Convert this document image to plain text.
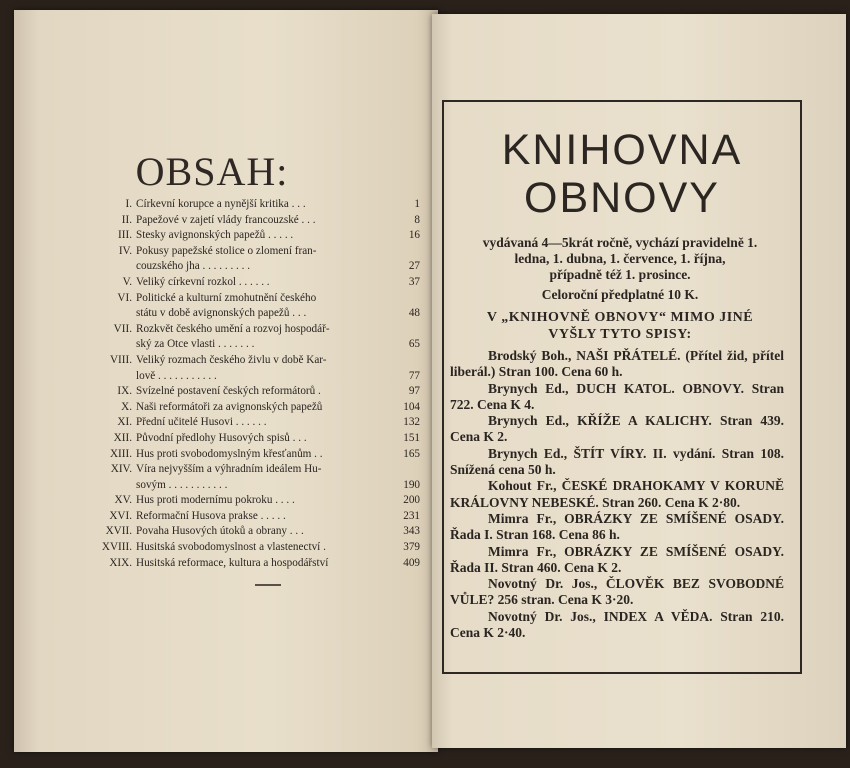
OBSAH:
I. Církevní korupce a nynější kritika . . .	1
II. Papežové v zajetí vlády francouzské . . .	8
III. Stesky avignonských papežů . . . . .	16
IV. Pokusy papežské stolice o zlomení fran-
couzského jha . . . . . . . . .	27
V. Veliký církevní rozkol . . . . . .	37
VI. Politické a kulturní zmohutnění českého
státu v době avignonských papežů . . .	48
VII. Rozkvět českého umění a rozvoj hospodář-
ský za Otce vlasti . . . . . . .	65
VIII. Veliký rozmach českého živlu v době Kar-
lově . . . . . . . . . . .	77
IX. Svízelné postavení českých reformátorů .	97
X. Naši reformátoři za avignonských papežů	104
XI. Přední učitelé Husovi . . . . . .	132
XII. Původní předlohy Husových spisů . . .	151
XIII. Hus proti svobodomyslným křesťanům . .	165
XIV. Víra nejvyšším a výhradním ideálem Hu-
sovým . . . . . . . . . . .	190
XV. Hus proti modernímu pokroku . . . .	200
XVI. Reformační Husova prakse . . . . .	231
XVII. Povaha Husových útoků a obrany . . .	343
XVIII. Husitská svobodomyslnost a vlastenectví .	379
XIX. Husitská reformace, kultura a hospodářství	409
KNIHOVNA
OBNOVY
vydávaná 4—5krát ročně, vychází pravidelně 1.
ledna, 1. dubna, 1. července, 1. října,
případně též 1. prosince.
Celoroční předplatné 10 K.
V „KNIHOVNĚ OBNOVY“ MIMO JINÉ
VYŠLY TYTO SPISY:
Brodský Boh., NAŠI PŘÁTELÉ. (Přítel žid, přítel liberál.) Stran 100. Cena 60 h.
Brynych Ed., DUCH KATOL. OBNOVY. Stran 722. Cena K 4.
Brynych Ed., KŘÍŽE A KALICHY. Stran 439. Cena K 2.
Brynych Ed., ŠTÍT VÍRY. II. vydání. Stran 108. Snížená cena 50 h.
Kohout Fr., ČESKÉ DRAHOKAMY V KORUNĚ KRÁLOVNY NEBESKÉ. Stran 260. Cena K 2·80.
Mimra Fr., OBRÁZKY ZE SMÍŠENÉ OSADY. Řada I. Stran 168. Cena 86 h.
Mimra Fr., OBRÁZKY ZE SMÍŠENÉ OSADY. Řada II. Stran 460. Cena K 2.
Novotný Dr. Jos., ČLOVĚK BEZ SVOBODNÉ VŮLE? 256 stran. Cena K 3·20.
Novotný Dr. Jos., INDEX A VĚDA. Stran 210. Cena K 2·40.
